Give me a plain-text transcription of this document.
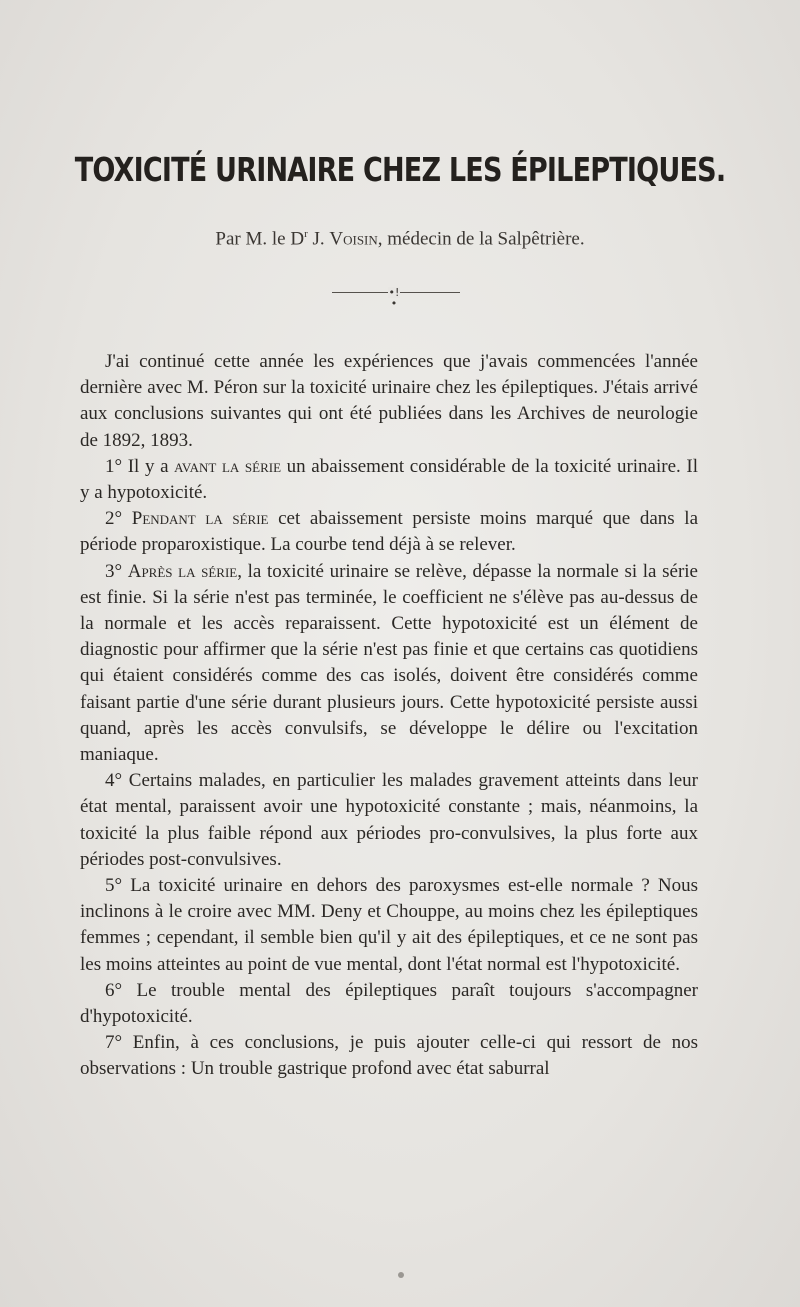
TOXICITÉ URINAIRE CHEZ LES ÉPILEPTIQUES.
Par M. le $D^r$ J. Voisin, médecin de la Salpêtrière.
•!•

J'ai continué cette année les expériences que j'avais commencées l'année dernière avec M. Péron sur la toxicité urinaire chez les épileptiques. J'étais arrivé aux conclusions suivantes qui ont été publiées dans les Archives de neurologie de 1892, 1893.

1° Il y a avant la série un abaissement considérable de la toxicité urinaire. Il y a hypotoxicité.

2° Pendant la série cet abaissement persiste moins marqué que dans la période proparoxistique. La courbe tend déjà à se relever.

3° Après la série, la toxicité urinaire se relève, dépasse la normale si la série est finie. Si la série n'est pas terminée, le coefficient ne s'élève pas au-dessus de la normale et les accès reparaissent. Cette hypotoxicité est un élément de diagnostic pour affirmer que la série n'est pas finie et que certains cas quotidiens qui étaient considérés comme des cas isolés, doivent être considérés comme faisant partie d'une série durant plusieurs jours. Cette hypotoxicité persiste aussi quand, après les accès convulsifs, se développe le délire ou l'excitation maniaque.

4° Certains malades, en particulier les malades gravement atteints dans leur état mental, paraissent avoir une hypotoxicité constante ; mais, néanmoins, la toxicité la plus faible répond aux périodes pro-convulsives, la plus forte aux périodes post-convulsives.

5° La toxicité urinaire en dehors des paroxysmes est-elle normale ? Nous inclinons à le croire avec MM. Deny et Chouppe, au moins chez les épileptiques femmes ; cependant, il semble bien qu'il y ait des épileptiques, et ce ne sont pas les moins atteintes au point de vue mental, dont l'état normal est l'hypotoxicité.

6° Le trouble mental des épileptiques paraît toujours s'accompagner d'hypotoxicité.

7° Enfin, à ces conclusions, je puis ajouter celle-ci qui ressort de nos observations : Un trouble gastrique profond avec état saburral
